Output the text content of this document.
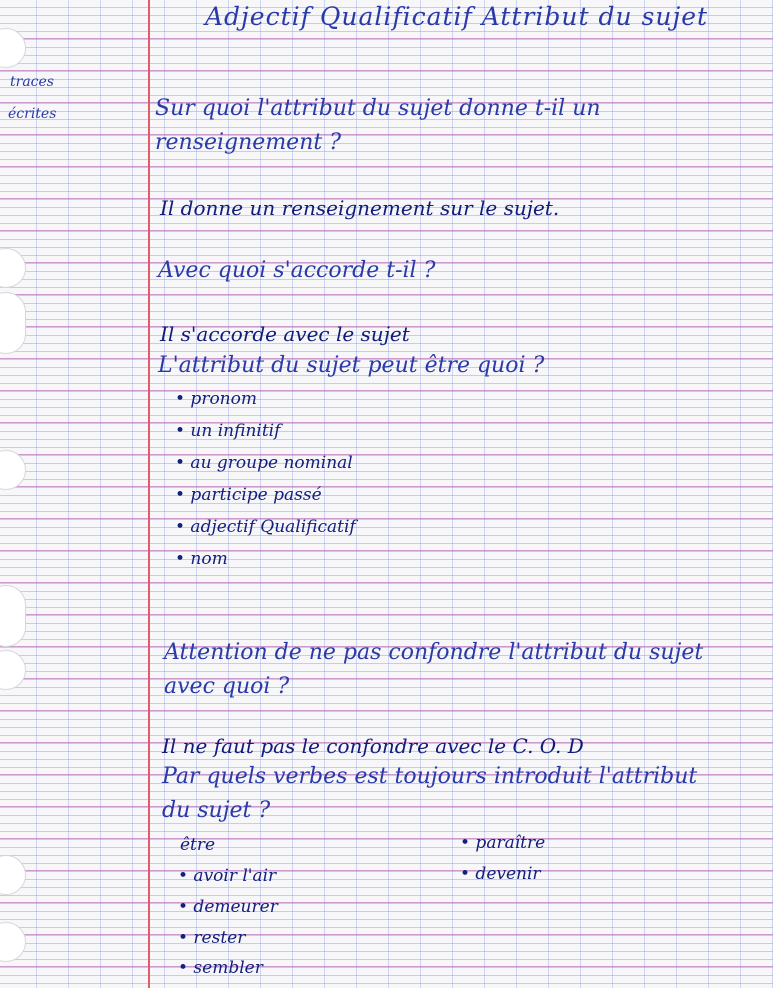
traces
écrites
Adjectif Qualificatif Attribut du sujet
Sur quoi l'attribut du sujet donne t-il un
renseignement ?
Il donne un renseignement sur le sujet.
Avec quoi s'accorde t-il ?
Il s'accorde avec le sujet
L'attribut du sujet peut être quoi ?
• pronom
• un infinitif
• au groupe nominal
• participe passé
• adjectif Qualificatif
• nom
Attention de ne pas confondre l'attribut du sujet
avec quoi ?
Il ne faut pas le confondre avec le C. O. D
Par quels verbes est toujours introduit l'attribut
du sujet ?
être
• avoir l'air
• demeurer
• rester
• sembler
• paraître
• devenir
